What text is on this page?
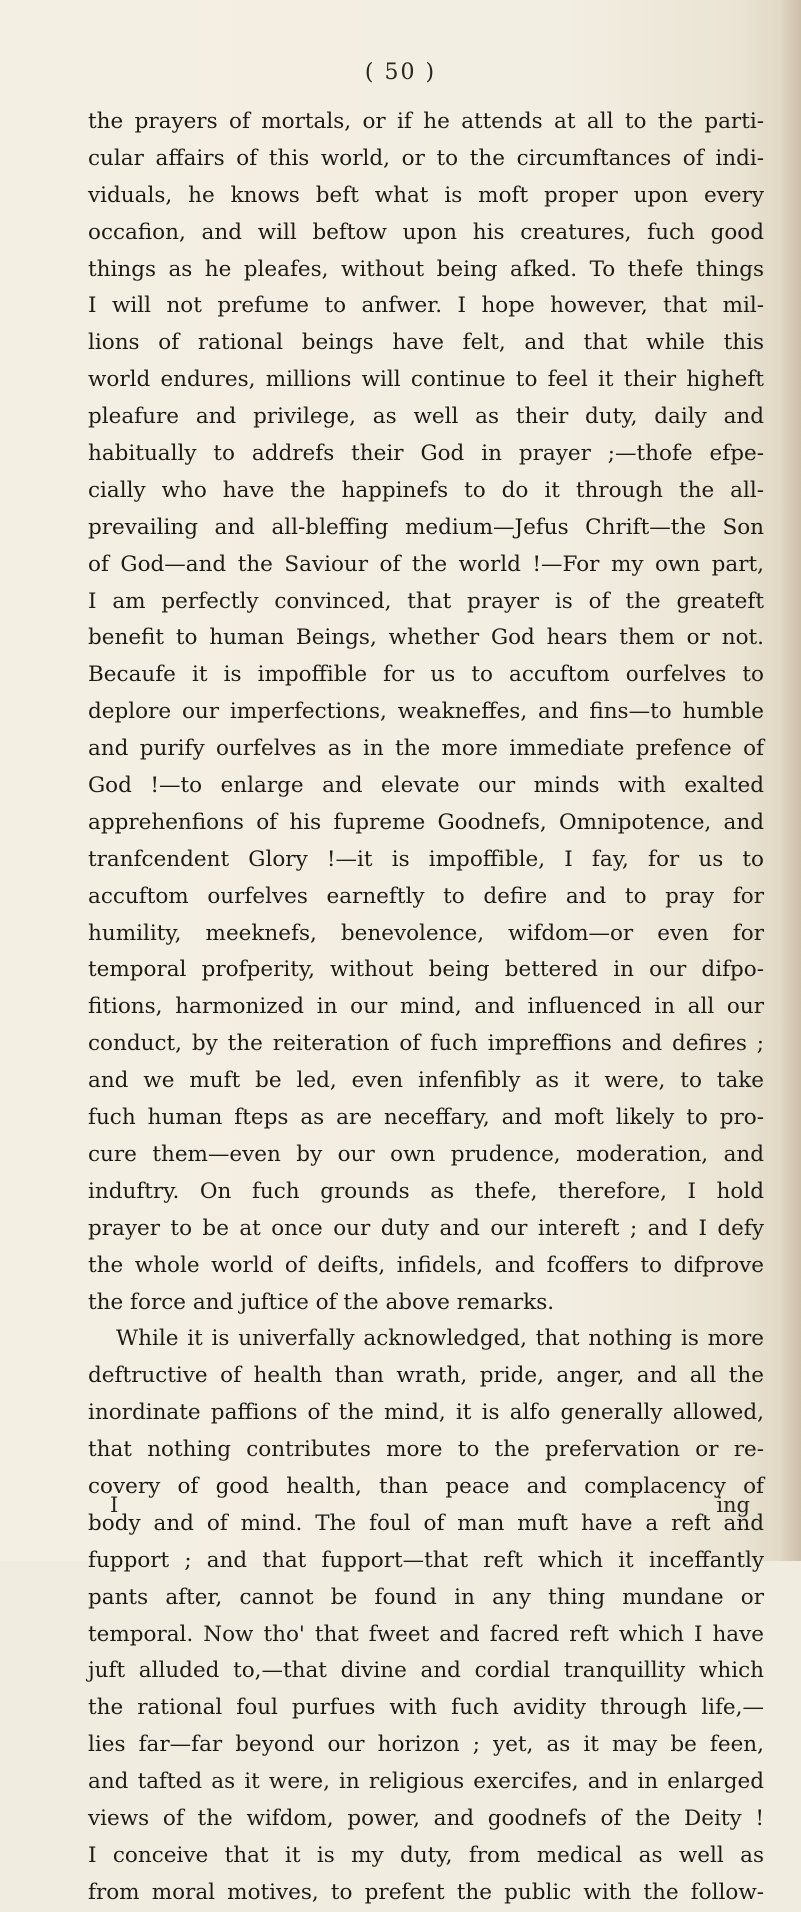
( 50 )
the prayers of mortals, or if he attends at all to the parti-
cular affairs of this world, or to the circumftances of indi-
viduals, he knows beft what is moft proper upon every
occafion, and will beftow upon his creatures, fuch good
things as he pleafes, without being afked. To thefe things
I will not prefume to anfwer. I hope however, that mil-
lions of rational beings have felt, and that while this
world endures, millions will continue to feel it their higheft
pleafure and privilege, as well as their duty, daily and
habitually to addrefs their God in prayer ;—thofe efpe-
cially who have the happinefs to do it through the all-
prevailing and all-bleffing medium—Jefus Chrift—the Son
of God—and the Saviour of the world !—For my own part,
I am perfectly convinced, that prayer is of the greateft
benefit to human Beings, whether God hears them or not.
Becaufe it is impoffible for us to accuftom ourfelves to
deplore our imperfections, weakneffes, and fins—to humble
and purify ourfelves as in the more immediate prefence of
God !—to enlarge and elevate our minds with exalted
apprehenfions of his fupreme Goodnefs, Omnipotence, and
tranfcendent Glory !—it is impoffible, I fay, for us to
accuftom ourfelves earneftly to defire and to pray for
humility, meeknefs, benevolence, wifdom—or even for
temporal profperity, without being bettered in our difpo-
fitions, harmonized in our mind, and influenced in all our
conduct, by the reiteration of fuch impreffions and defires ;
and we muft be led, even infenfibly as it were, to take
fuch human fteps as are neceffary, and moft likely to pro-
cure them—even by our own prudence, moderation, and
induftry. On fuch grounds as thefe, therefore, I hold
prayer to be at once our duty and our intereft ; and I defy
the whole world of deifts, infidels, and fcoffers to difprove
the force and juftice of the above remarks.
While it is univerfally acknowledged, that nothing is more
deftructive of health than wrath, pride, anger, and all the
inordinate paffions of the mind, it is alfo generally allowed,
that nothing contributes more to the prefervation or re-
covery of good health, than peace and complacency of
body and of mind. The foul of man muft have a reft and
fupport ; and that fupport—that reft which it inceffantly
pants after, cannot be found in any thing mundane or
temporal. Now tho' that fweet and facred reft which I have
juft alluded to,—that divine and cordial tranquillity which
the rational foul purfues with fuch avidity through life,—
lies far—far beyond our horizon ; yet, as it may be feen,
and tafted as it were, in religious exercifes, and in enlarged
views of the wifdom, power, and goodnefs of the Deity !
I conceive that it is my duty, from medical as well as
from moral motives, to prefent the public with the follow-
I	ing
